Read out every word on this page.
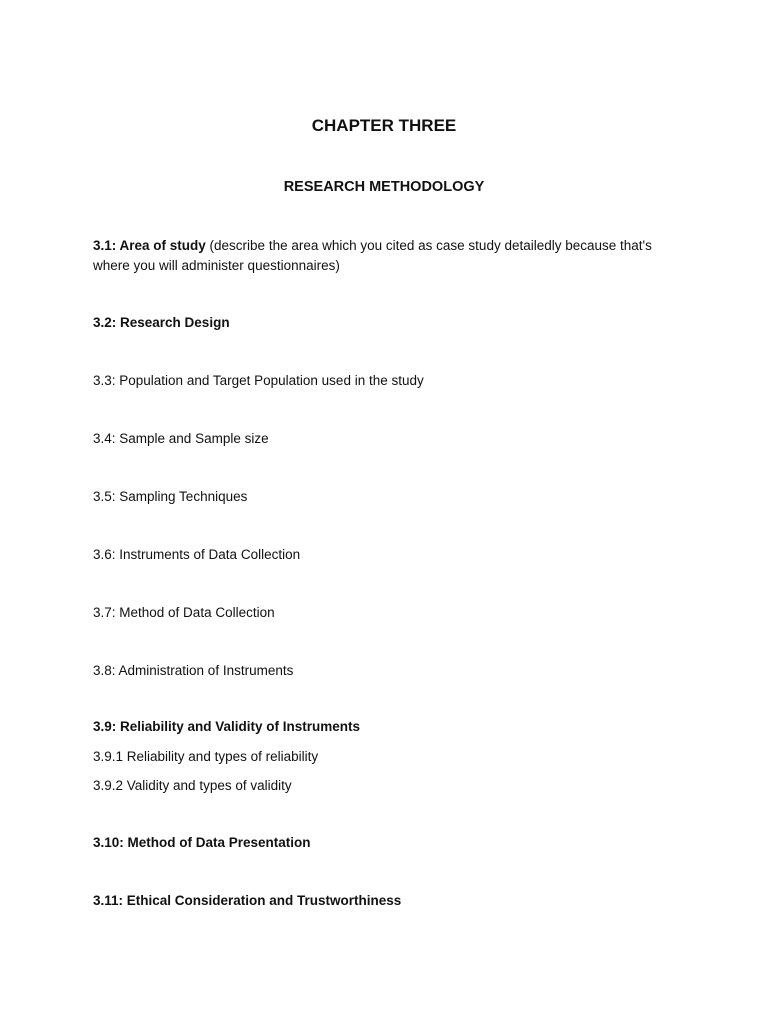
CHAPTER THREE
RESEARCH METHODOLOGY
3.1: Area of study (describe the area which you cited as case study detailedly because that's where you will administer questionnaires)
3.2: Research Design
3.3: Population and Target Population used in the study
3.4: Sample and Sample size
3.5: Sampling Techniques
3.6: Instruments of Data Collection
3.7: Method of Data Collection
3.8: Administration of Instruments
3.9: Reliability and Validity of Instruments
3.9.1 Reliability and types of reliability
3.9.2 Validity and types of validity
3.10: Method of Data Presentation
3.11: Ethical Consideration and Trustworthiness
